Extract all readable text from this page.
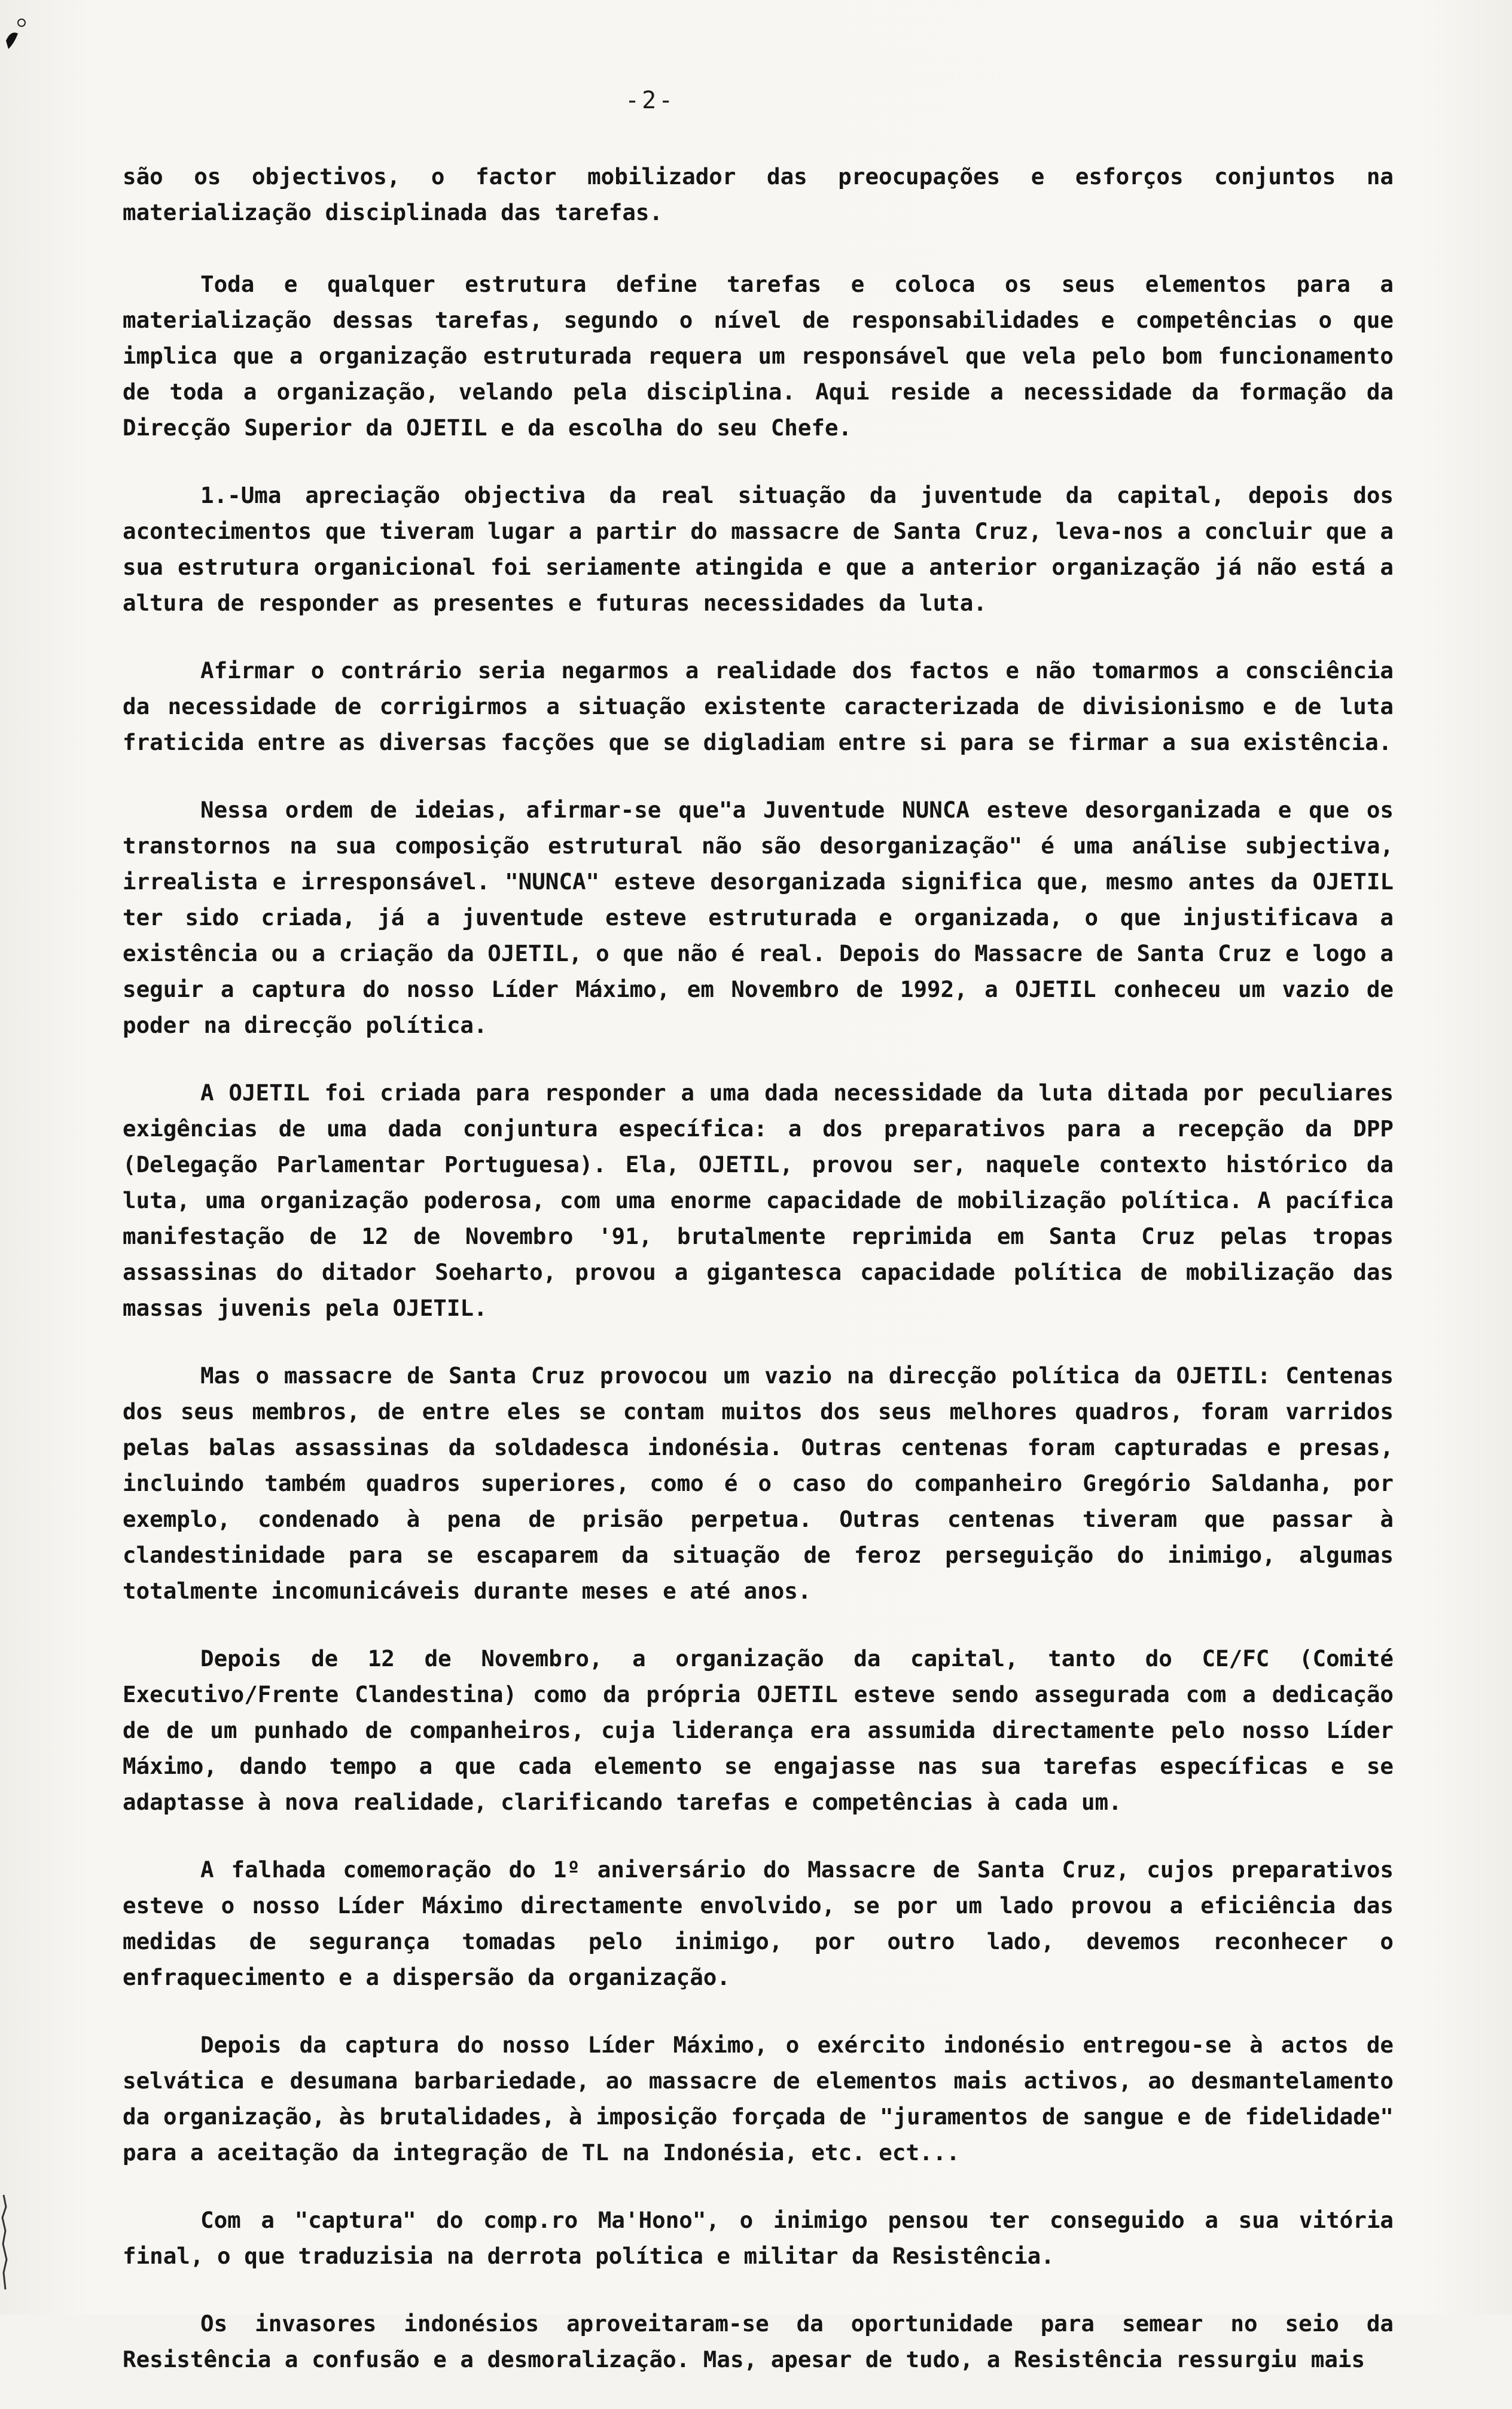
-2-

são os objectivos, o factor mobilizador das preocupações e esforços conjuntos na materialização disciplinada das tarefas.

Toda e qualquer estrutura define tarefas e coloca os seus elementos para a materialização dessas tarefas, segundo o nível de responsabilidades e competências o que implica que a organização estruturada requera um responsável que vela pelo bom funcionamento de toda a organização, velando pela disciplina. Aqui reside a necessidade da formação da Direcção Superior da OJETIL e da escolha do seu Chefe.

1.-Uma apreciação objectiva da real situação da juventude da capital, depois dos acontecimentos que tiveram lugar a partir do massacre de Santa Cruz, leva-nos a concluir que a sua estrutura organicional foi seriamente atingida e que a anterior organização já não está a altura de responder as presentes e futuras necessidades da luta.

Afirmar o contrário seria negarmos a realidade dos factos e não tomarmos a consciência da necessidade de corrigirmos a situação existente caracterizada de divisionismo e de luta fraticida entre as diversas facções que se digladiam entre si para se firmar a sua existência.

Nessa ordem de ideias, afirmar-se que"a Juventude NUNCA esteve desorganizada e que os transtornos na sua composição estrutural não são desorganização" é uma análise subjectiva, irrealista e irresponsável. "NUNCA" esteve desorganizada significa que, mesmo antes da OJETIL ter sido criada, já a juventude esteve estruturada e organizada, o que injustificava a existência ou a criação da OJETIL, o que não é real. Depois do Massacre de Santa Cruz e logo a seguir a captura do nosso Líder Máximo, em Novembro de 1992, a OJETIL conheceu um vazio de poder na direcção política.

A OJETIL foi criada para responder a uma dada necessidade da luta ditada por peculiares exigências de uma dada conjuntura específica: a dos preparativos para a recepção da DPP (Delegação Parlamentar Portuguesa). Ela, OJETIL, provou ser, naquele contexto histórico da luta, uma organização poderosa, com uma enorme capacidade de mobilização política. A pacífica manifestação de 12 de Novembro '91, brutalmente reprimida em Santa Cruz pelas tropas assassinas do ditador Soeharto, provou a gigantesca capacidade política de mobilização das massas juvenis pela OJETIL.

Mas o massacre de Santa Cruz provocou um vazio na direcção política da OJETIL: Centenas dos seus membros, de entre eles se contam muitos dos seus melhores quadros, foram varridos pelas balas assassinas da soldadesca indonésia. Outras centenas foram capturadas e presas, incluindo também quadros superiores, como é o caso do companheiro Gregório Saldanha, por exemplo, condenado à pena de prisão perpetua. Outras centenas tiveram que passar à clandestinidade para se escaparem da situação de feroz perseguição do inimigo, algumas totalmente incomunicáveis durante meses e até anos.

Depois de 12 de Novembro, a organização da capital, tanto do CE/FC (Comité Executivo/Frente Clandestina) como da própria OJETIL esteve sendo assegurada com a dedicação de de um punhado de companheiros, cuja liderança era assumida directamente pelo nosso Líder Máximo, dando tempo a que cada elemento se engajasse nas sua tarefas específicas e se adaptasse à nova realidade, clarificando tarefas e competências à cada um.

A falhada comemoração do 1º aniversário do Massacre de Santa Cruz, cujos preparativos esteve o nosso Líder Máximo directamente envolvido, se por um lado provou a eficiência das medidas de segurança tomadas pelo inimigo, por outro lado, devemos reconhecer o enfraquecimento e a dispersão da organização.

Depois da captura do nosso Líder Máximo, o exército indonésio entregou-se à actos de selvática e desumana barbariedade, ao massacre de elementos mais activos, ao desmantelamento da organização, às brutalidades, à imposição forçada de "juramentos de sangue e de fidelidade" para a aceitação da integração de TL na Indonésia, etc. ect...

Com a "captura" do comp.ro Ma'Hono", o inimigo pensou ter conseguido a sua vitória final, o que traduzisia na derrota política e militar da Resistência.

Os invasores indonésios aproveitaram-se da oportunidade para semear no seio da Resistência a confusão e a desmoralização. Mas, apesar de tudo, a Resistência ressurgiu mais
